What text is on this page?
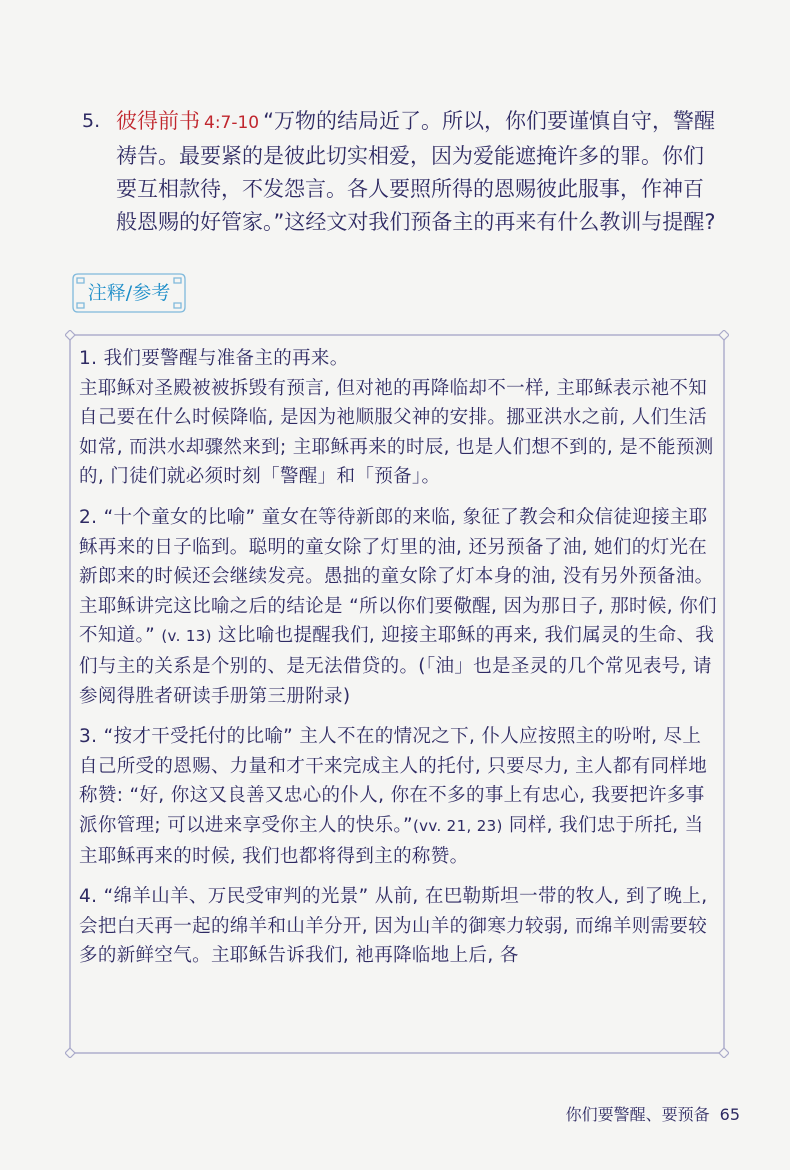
5. 彼得前书 4:7-10 “万物的结局近了。所以，你们要谨慎自守，警醒祷告。最要紧的是彼此切实相爱，因为爱能遮掩许多的罪。你们要互相款待，不发怨言。各人要照所得的恩赐彼此服事，作神百般恩赐的好管家。”这经文对我们预备主的再来有什么教训与提醒?
注释/参考

1. 我们要警醒与准备主的再来。

主耶稣对圣殿被被拆毁有预言, 但对祂的再降临却不一样, 主耶稣表示祂不知自己要在什么时候降临, 是因为祂顺服父神的安排。挪亚洪水之前, 人们生活如常, 而洪水却骤然来到; 主耶稣再来的时辰, 也是人们想不到的, 是不能预测的, 门徒们就必须时刻「警醒」和「预备」。

2. “十个童女的比喻” 童女在等待新郎的来临, 象征了教会和众信徒迎接主耶稣再来的日子临到。聪明的童女除了灯里的油, 还另预备了油, 她们的灯光在新郎来的时候还会继续发亮。愚拙的童女除了灯本身的油, 没有另外预备油。主耶稣讲完这比喻之后的结论是 “所以你们要儆醒, 因为那日子, 那时候, 你们不知道。” (v. 13) 这比喻也提醒我们, 迎接主耶稣的再来, 我们属灵的生命、我们与主的关系是个别的、是无法借贷的。(「油」也是圣灵的几个常见表号, 请参阅得胜者研读手册第三册附录)

3. “按才干受托付的比喻” 主人不在的情况之下, 仆人应按照主的吩咐, 尽上自己所受的恩赐、力量和才干来完成主人的托付, 只要尽力, 主人都有同样地称赞: “好, 你这又良善又忠心的仆人, 你在不多的事上有忠心, 我要把许多事派你管理; 可以进来享受你主人的快乐。”(vv. 21, 23) 同样, 我们忠于所托, 当主耶稣再来的时候, 我们也都将得到主的称赞。

4. “绵羊山羊、万民受审判的光景” 从前, 在巴勒斯坦一带的牧人, 到了晚上, 会把白天再一起的绵羊和山羊分开, 因为山羊的御寒力较弱, 而绵羊则需要较多的新鲜空气。主耶稣告诉我们, 祂再降临地上后, 各

你们要警醒、要预备 65
